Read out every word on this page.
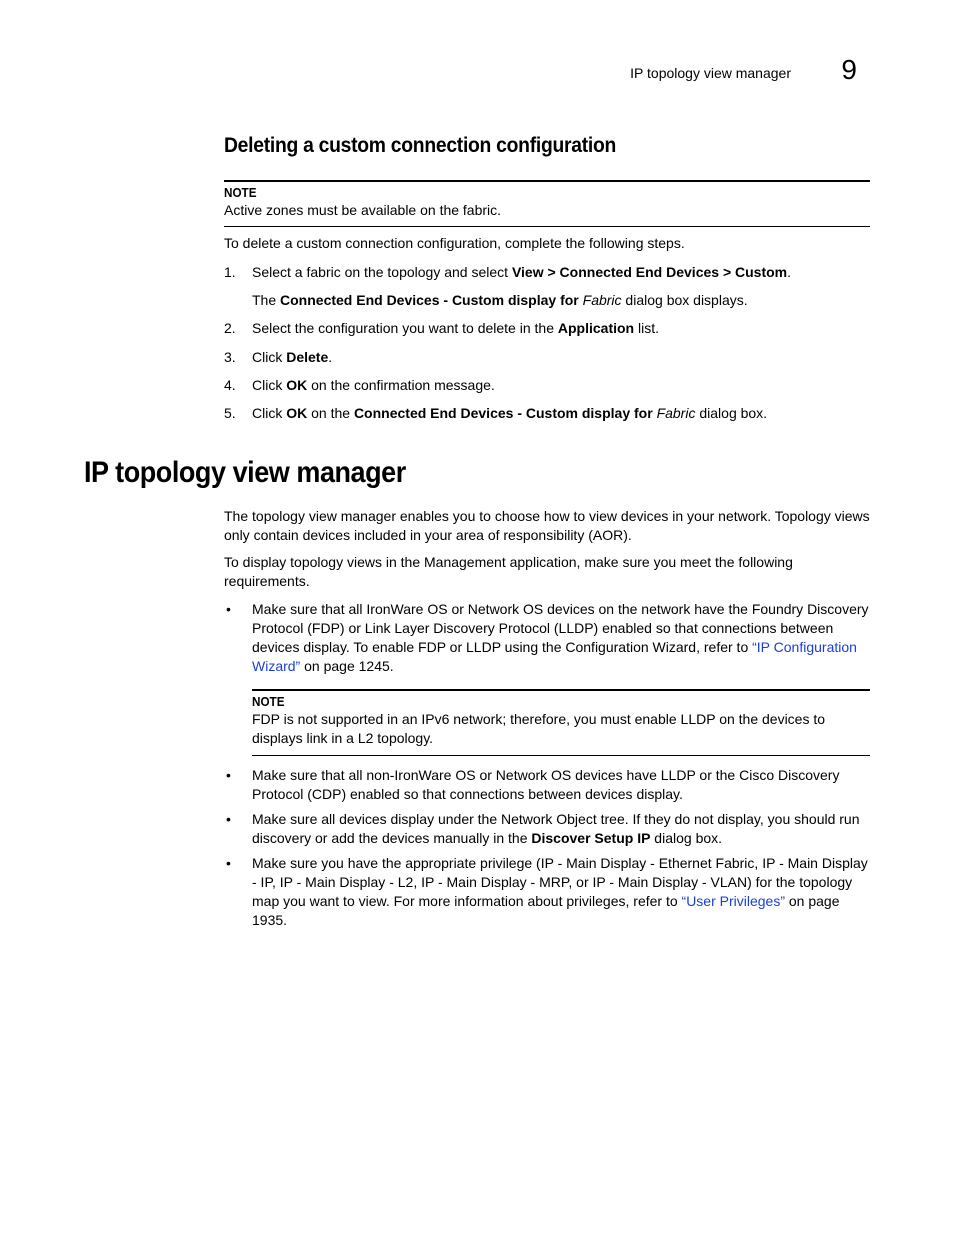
IP topology view manager 9
Deleting a custom connection configuration
NOTE
Active zones must be available on the fabric.
To delete a custom connection configuration, complete the following steps.
1. Select a fabric on the topology and select View > Connected End Devices > Custom.
The Connected End Devices - Custom display for Fabric dialog box displays.
2. Select the configuration you want to delete in the Application list.
3. Click Delete.
4. Click OK on the confirmation message.
5. Click OK on the Connected End Devices - Custom display for Fabric dialog box.
IP topology view manager
The topology view manager enables you to choose how to view devices in your network. Topology views only contain devices included in your area of responsibility (AOR).
To display topology views in the Management application, make sure you meet the following requirements.
• Make sure that all IronWare OS or Network OS devices on the network have the Foundry Discovery Protocol (FDP) or Link Layer Discovery Protocol (LLDP) enabled so that connections between devices display. To enable FDP or LLDP using the Configuration Wizard, refer to “IP Configuration Wizard” on page 1245.
NOTE
FDP is not supported in an IPv6 network; therefore, you must enable LLDP on the devices to displays link in a L2 topology.
• Make sure that all non-IronWare OS or Network OS devices have LLDP or the Cisco Discovery Protocol (CDP) enabled so that connections between devices display.
• Make sure all devices display under the Network Object tree. If they do not display, you should run discovery or add the devices manually in the Discover Setup IP dialog box.
• Make sure you have the appropriate privilege (IP - Main Display - Ethernet Fabric, IP - Main Display - IP, IP - Main Display - L2, IP - Main Display - MRP, or IP - Main Display - VLAN) for the topology map you want to view. For more information about privileges, refer to “User Privileges” on page 1935.
